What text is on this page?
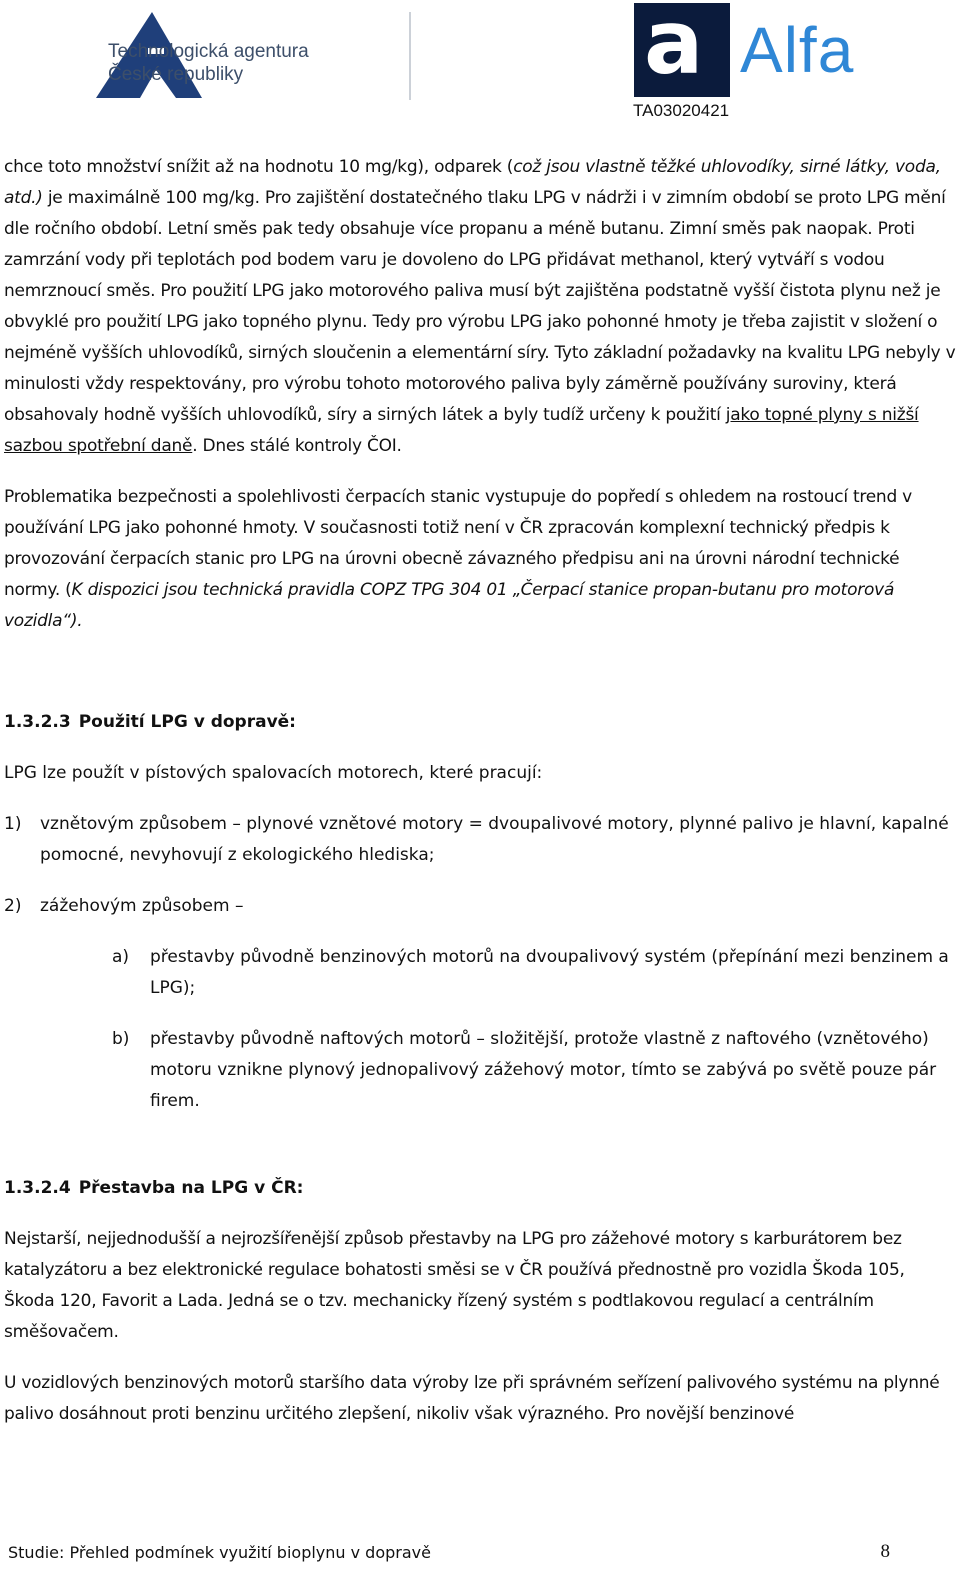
Technologická agentura
České republiky	a Alfa
TA03020421

chce toto množství snížit až na hodnotu 10 mg/kg), odparek (což jsou vlastně těžké uhlovodíky, sirné látky, voda, atd.) je maximálně 100 mg/kg. Pro zajištění dostatečného tlaku LPG v nádrži i v zimním období se proto LPG mění dle ročního období. Letní směs pak tedy obsahuje více propanu a méně butanu. Zimní směs pak naopak. Proti zamrzání vody při teplotách pod bodem varu je dovoleno do LPG přidávat methanol, který vytváří s vodou nemrznoucí směs. Pro použití LPG jako motorového paliva musí být zajištěna podstatně vyšší čistota plynu než je obvyklé pro použití LPG jako topného plynu. Tedy pro výrobu LPG jako pohonné hmoty je třeba zajistit v složení o nejméně vyšších uhlovodíků, sirných sloučenin a elementární síry. Tyto základní požadavky na kvalitu LPG nebyly v minulosti vždy respektovány, pro výrobu tohoto motorového paliva byly záměrně používány suroviny, která obsahovaly hodně vyšších uhlovodíků, síry a sirných látek a byly tudíž určeny k použití jako topné plyny s nižší sazbou spotřební daně. Dnes stálé kontroly ČOI.

Problematika bezpečnosti a spolehlivosti čerpacích stanic vystupuje do popředí s ohledem na rostoucí trend v používání LPG jako pohonné hmoty. V současnosti totiž není v ČR zpracován komplexní technický předpis k provozování čerpacích stanic pro LPG na úrovni obecně závazného předpisu ani na úrovni národní technické normy. (K dispozici jsou technická pravidla COPZ TPG 304 01 „Čerpací stanice propan-butanu pro motorová vozidla“).

1.3.2.3 Použití LPG v dopravě:

LPG lze použít v pístových spalovacích motorech, které pracují:

1)	vznětovým způsobem – plynové vznětové motory = dvoupalivové motory, plynné palivo je hlavní, kapalné pomocné, nevyhovují z ekologického hlediska;
2)	zážehovým způsobem –
a)	přestavby původně benzinových motorů na dvoupalivový systém (přepínání mezi benzinem a LPG);
b)	přestavby původně naftových motorů – složitější, protože vlastně z naftového (vznětového) motoru vznikne plynový jednopalivový zážehový motor, tímto se zabývá po světě pouze pár firem.

1.3.2.4 Přestavba na LPG v ČR:

Nejstarší, nejjednodušší a nejrozšířenější způsob přestavby na LPG pro zážehové motory s karburátorem bez katalyzátoru a bez elektronické regulace bohatosti směsi se v ČR používá přednostně pro vozidla Škoda 105, Škoda 120, Favorit a Lada. Jedná se o tzv. mechanicky řízený systém s podtlakovou regulací a centrálním směšovačem.

U vozidlových benzinových motorů staršího data výroby lze při správném seřízení palivového systému na plynné palivo dosáhnout proti benzinu určitého zlepšení, nikoliv však výrazného. Pro novější benzinové

Studie: Přehled podmínek využití bioplynu v dopravě	8
